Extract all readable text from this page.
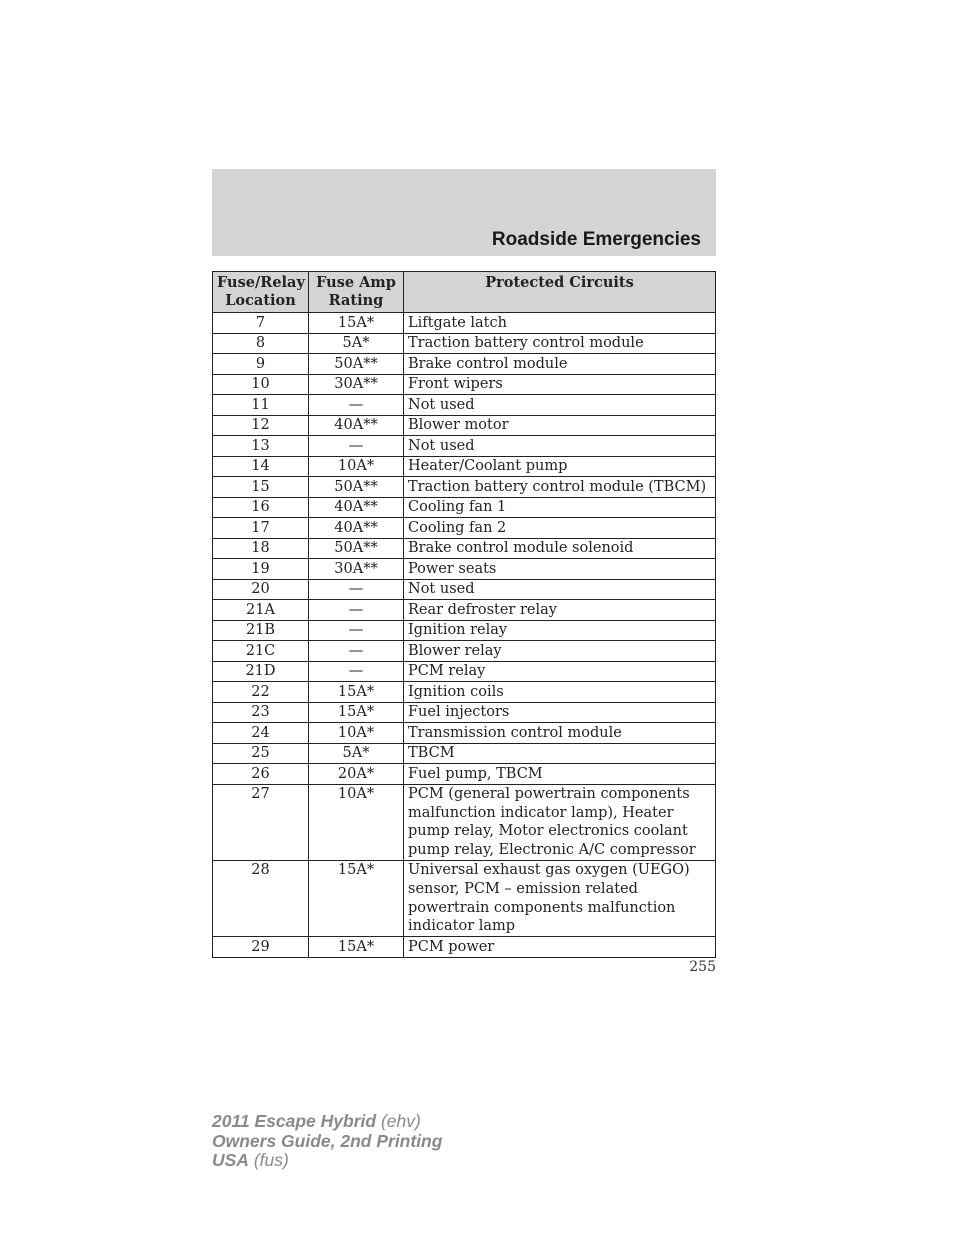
Roadside Emergencies
Fuse/Relay Location	Fuse Amp Rating	Protected Circuits
7	15A*	Liftgate latch
8	5A*	Traction battery control module
9	50A**	Brake control module
10	30A**	Front wipers
11	—	Not used
12	40A**	Blower motor
13	—	Not used
14	10A*	Heater/Coolant pump
15	50A**	Traction battery control module (TBCM)
16	40A**	Cooling fan 1
17	40A**	Cooling fan 2
18	50A**	Brake control module solenoid
19	30A**	Power seats
20	—	Not used
21A	—	Rear defroster relay
21B	—	Ignition relay
21C	—	Blower relay
21D	—	PCM relay
22	15A*	Ignition coils
23	15A*	Fuel injectors
24	10A*	Transmission control module
25	5A*	TBCM
26	20A*	Fuel pump, TBCM
27	10A*	PCM (general powertrain components malfunction indicator lamp), Heater pump relay, Motor electronics coolant pump relay, Electronic A/C compressor
28	15A*	Universal exhaust gas oxygen (UEGO) sensor, PCM – emission related powertrain components malfunction indicator lamp
29	15A*	PCM power
255
2011 Escape Hybrid (ehv)
Owners Guide, 2nd Printing
USA (fus)
